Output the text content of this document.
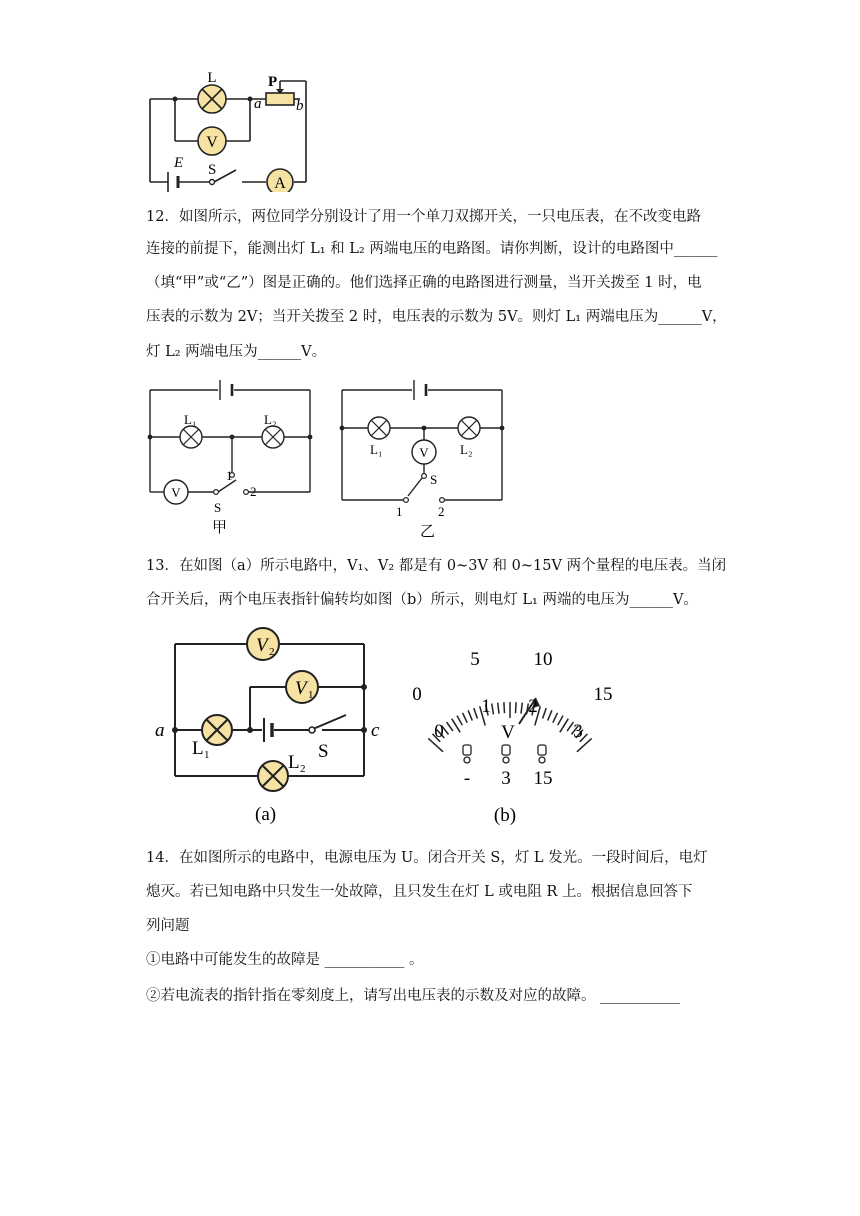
V
A
L	P
a b
E S
12．如图所示，两位同学分别设计了用一个单刀双掷开关，一只电压表，在不改变电路
连接的前提下，能测出灯 L₁ 和 L₂ 两端电压的电路图。请你判断，设计的电路图中______
（填“甲”或“乙”）图是正确的。他们选择正确的电路图进行测量，当开关拨至 1 时，电
压表的示数为 2V；当开关拨至 2 时，电压表的示数为 5V。则灯 L₁ 两端电压为______V，
灯 L₂ 两端电压为______V。
V
L₁	L₂
1
2
S
甲
V
L₁	L₂
S
1	2
乙
13．在如图（a）所示电路中，V₁、V₂ 都是有 0~3V 和 0~15V 两个量程的电压表。当闭
合开关后，两个电压表指针偏转均如图（b）所示，则电灯 L₁ 两端的电压为______V。
V 2
V 1
a	c
L 1	L 2
S
(a)
0
5	10
15
0
1 2
3
V
- 3 15
(b)
14．在如图所示的电路中，电源电压为 U。闭合开关 S，灯 L 发光。一段时间后，电灯
熄灭。若已知电路中只发生一处故障，且只发生在灯 L 或电阻 R 上。根据信息回答下
列问题
①电路中可能发生的故障是 ___________ 。
②若电流表的指针指在零刻度上，请写出电压表的示数及对应的故障。 ___________
